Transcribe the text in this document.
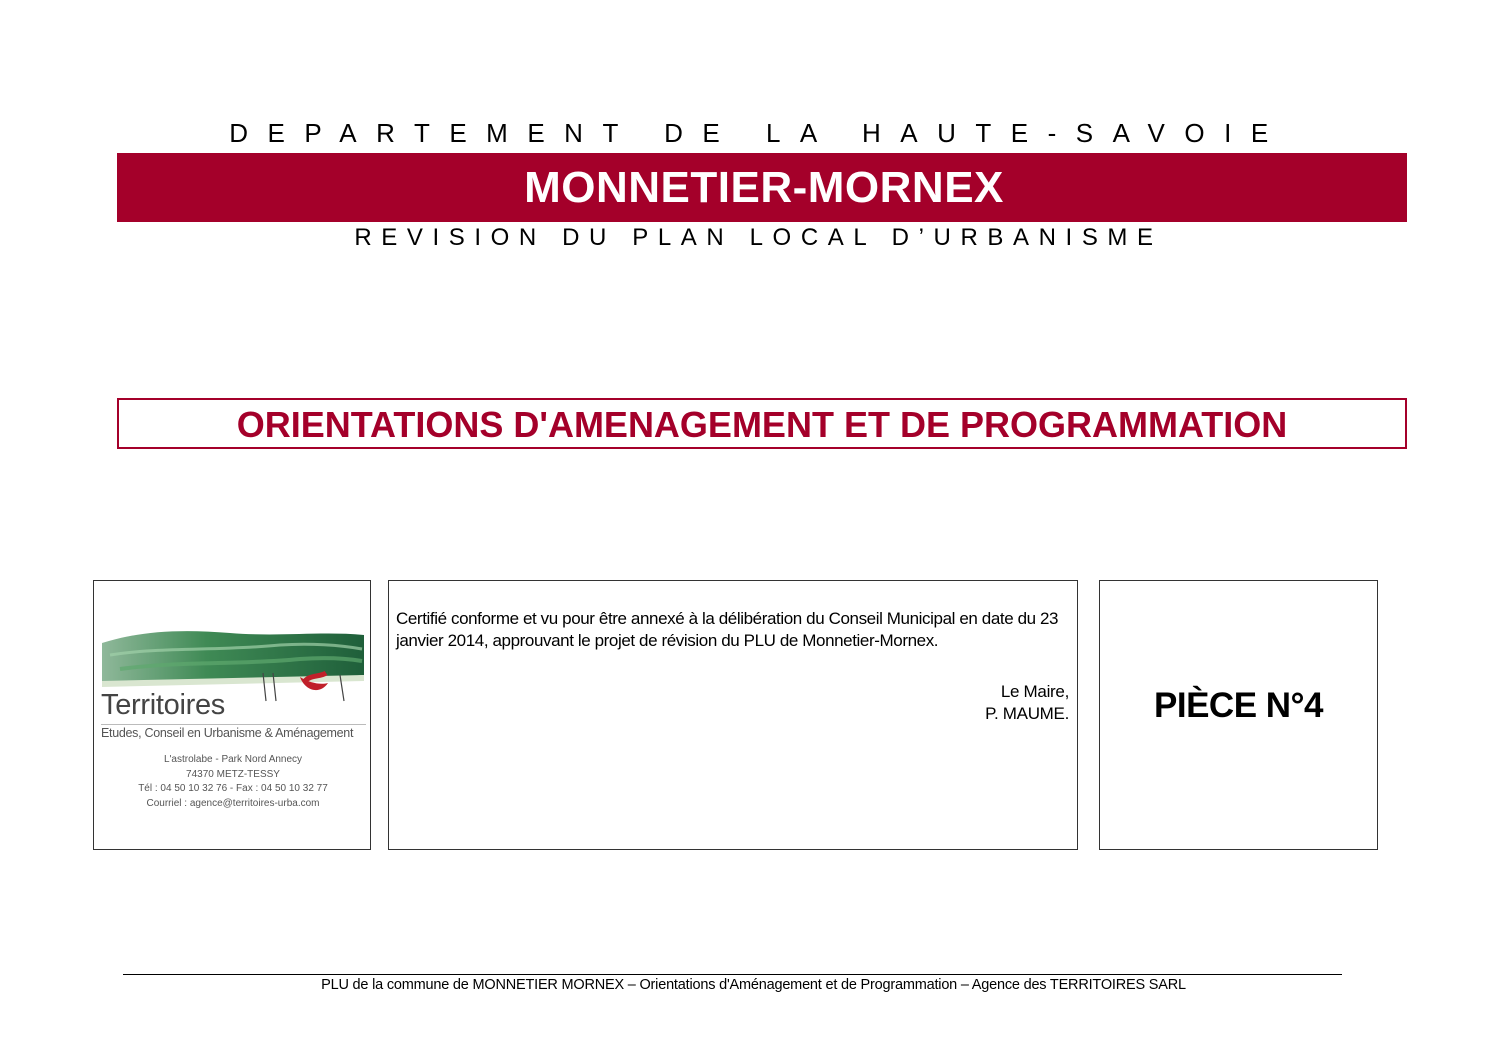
DEPARTEMENT DE LA HAUTE-SAVOIE
MONNETIER-MORNEX
REVISION DU PLAN LOCAL D’URBANISME
ORIENTATIONS D'AMENAGEMENT ET DE PROGRAMMATION
Territoires
Etudes, Conseil en Urbanisme & Aménagement
L'astrolabe - Park Nord Annecy
74370 METZ-TESSY
Tél : 04 50 10 32 76 - Fax : 04 50 10 32 77
Courriel : agence@territoires-urba.com
Certifié conforme et vu pour être annexé à la délibération du Conseil Municipal en date du 23 janvier 2014, approuvant le projet de révision du PLU de Monnetier-Mornex.
Le Maire,
P. MAUME.	PIÈCE N°4
PLU de la commune de MONNETIER MORNEX – Orientations d'Aménagement et de Programmation – Agence des TERRITOIRES SARL
